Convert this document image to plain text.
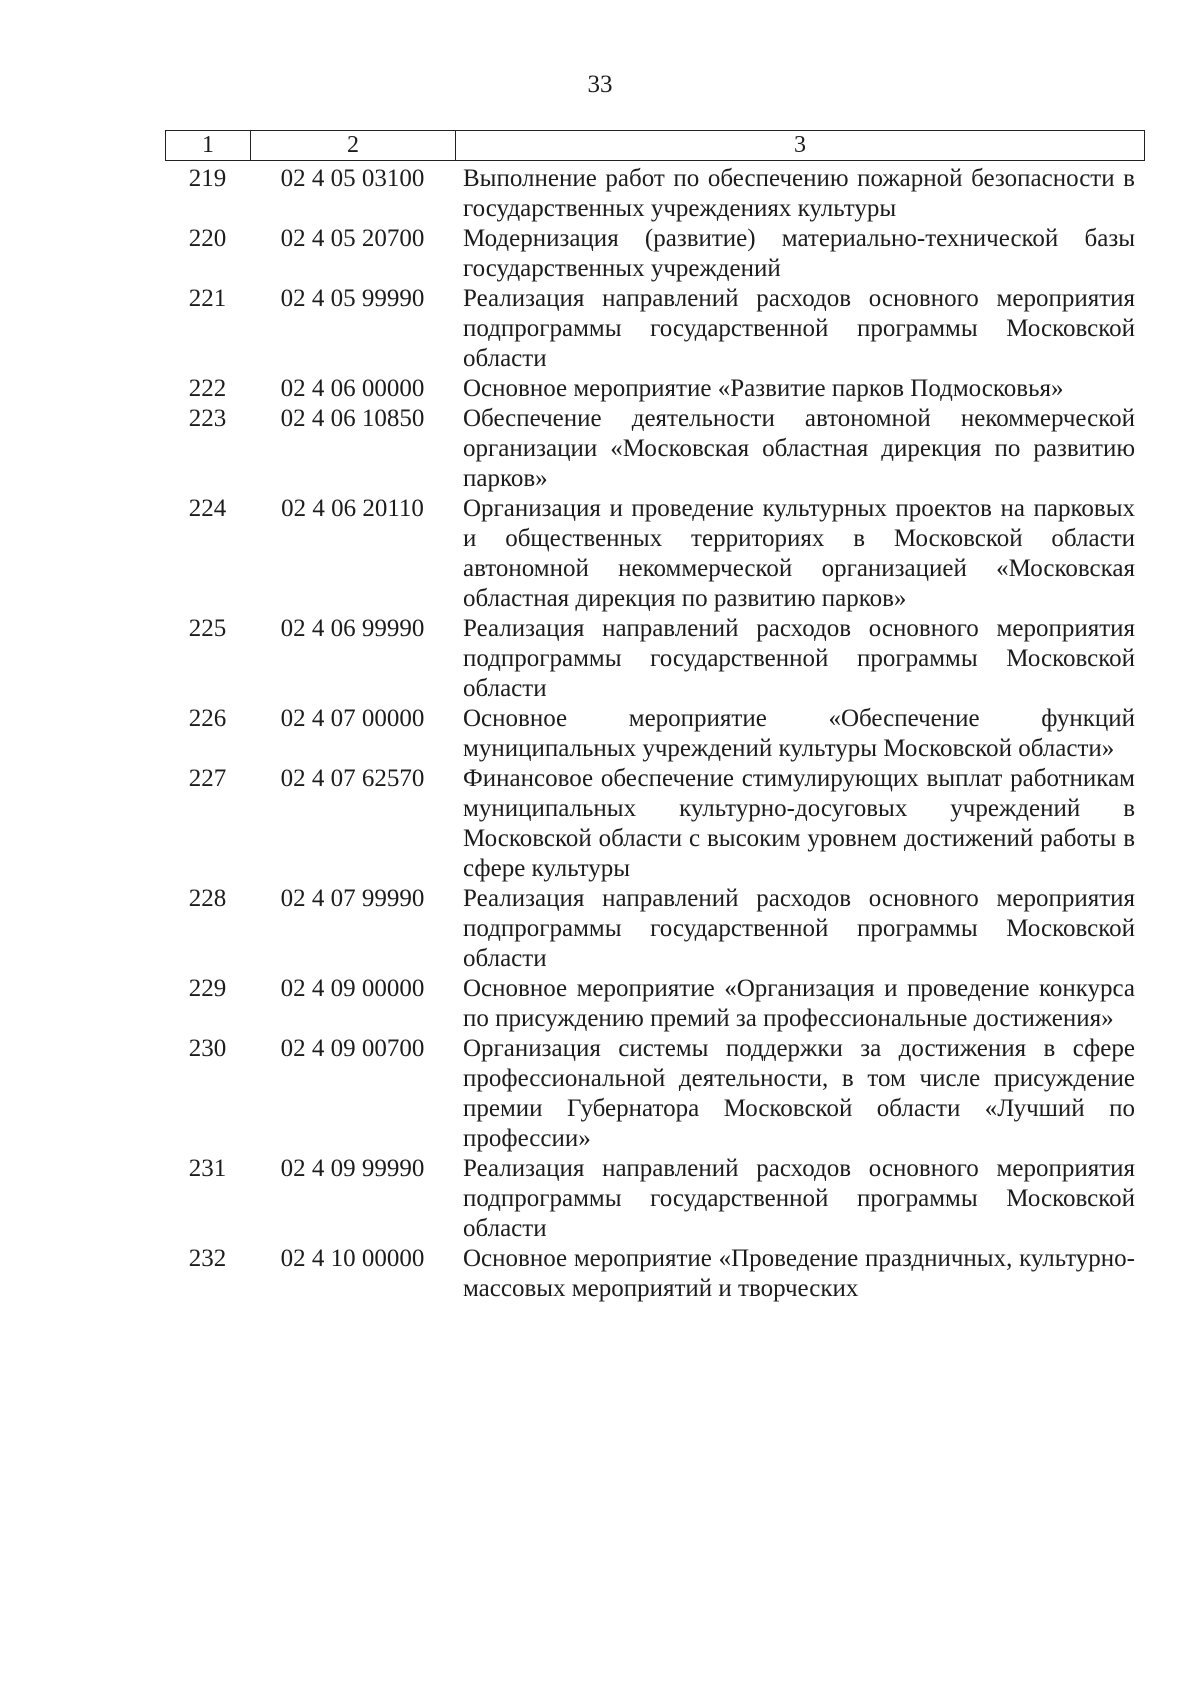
33
1	2	3
219	02 4 05 03100	Выполнение работ по обеспечению пожарной безопасности в государственных учреждениях культуры
220	02 4 05 20700	Модернизация (развитие) материально-технической базы государственных учреждений
221	02 4 05 99990	Реализация направлений расходов основного мероприятия подпрограммы государственной программы Московской области
222	02 4 06 00000	Основное мероприятие «Развитие парков Подмосковья»
223	02 4 06 10850	Обеспечение деятельности автономной некоммерческой организации «Московская областная дирекция по развитию парков»
224	02 4 06 20110	Организация и проведение культурных проектов на парковых и общественных территориях в Московской области автономной некоммерческой организацией «Московская областная дирекция по развитию парков»
225	02 4 06 99990	Реализация направлений расходов основного мероприятия подпрограммы государственной программы Московской области
226	02 4 07 00000	Основное мероприятие «Обеспечение функций муниципальных учреждений культуры Московской области»
227	02 4 07 62570	Финансовое обеспечение стимулирующих выплат работникам муниципальных культурно-досуговых учреждений в Московской области с высоким уровнем достижений работы в сфере культуры
228	02 4 07 99990	Реализация направлений расходов основного мероприятия подпрограммы государственной программы Московской области
229	02 4 09 00000	Основное мероприятие «Организация и проведение конкурса по присуждению премий за профессиональные достижения»
230	02 4 09 00700	Организация системы поддержки за достижения в сфере профессиональной деятельности, в том числе присуждение премии Губернатора Московской области «Лучший по профессии»
231	02 4 09 99990	Реализация направлений расходов основного мероприятия подпрограммы государственной программы Московской области
232	02 4 10 00000	Основное мероприятие «Проведение праздничных, культурно-массовых мероприятий и творческих
